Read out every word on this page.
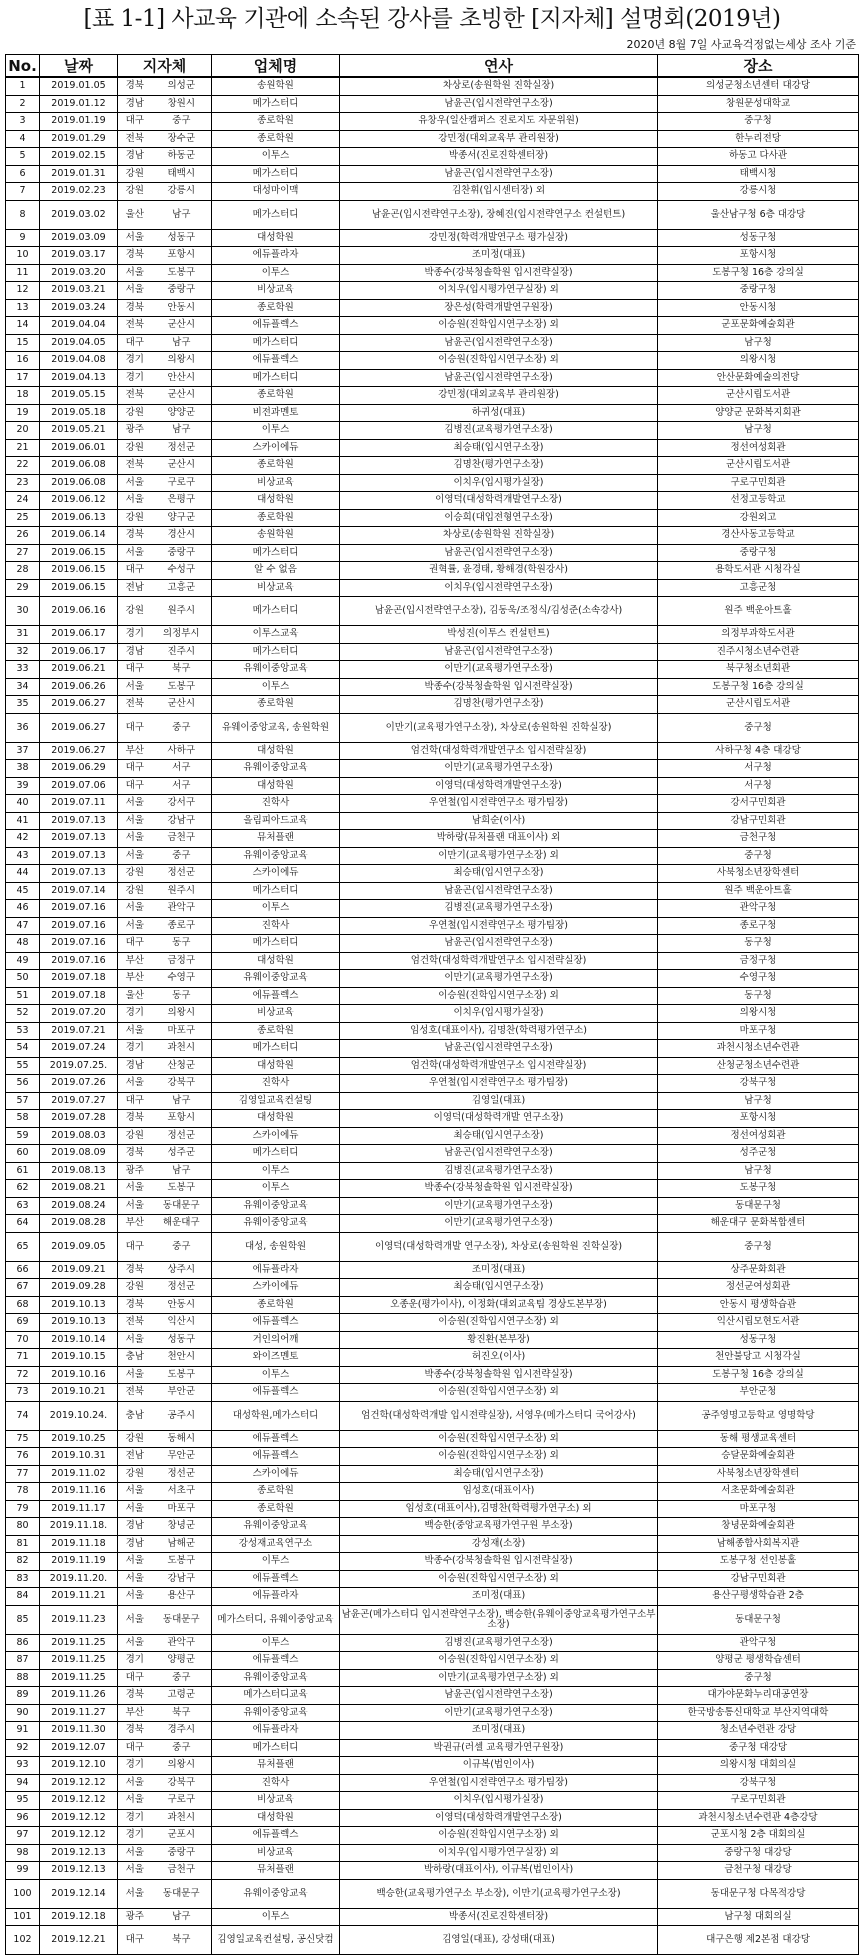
[표 1-1] 사교육 기관에 소속된 강사를 초빙한 [지자체] 설명회(2019년)
2020년 8월 7일 사교육걱정없는세상 조사 기준
No.	날짜	지자체		업체명	연사	장소
1	2019.01.05	경북	의성군	송원학원	차상로(송원학원 진학실장)	의성군청소년센터 대강당
2	2019.01.12	경남	창원시	메가스터디	남윤곤(입시전략연구소장)	창원문성대학교
3	2019.01.19	대구	중구	종로학원	유창우(일산캠퍼스 진로지도 자문위원)	중구청
4	2019.01.29	전북	장수군	종로학원	강민정(대외교육부 관리원장)	한누리전당
5	2019.02.15	경남	하동군	이투스	박종서(진로진학센터장)	하동고 다사관
6	2019.01.31	강원	태백시	메가스터디	남윤곤(입시전략연구소장)	태백시청
7	2019.02.23	강원	강릉시	대성마이맥	김찬휘(입시센터장) 외	강릉시청
8	2019.03.02	울산	남구	메가스터디	남윤곤(입시전략연구소장), 장혜진(입시전략연구소 컨설턴트)	울산남구청 6층 대강당
9	2019.03.09	서울	성동구	대성학원	강민정(학력개발연구소 평가실장)	성동구청
10	2019.03.17	경북	포항시	에듀플라자	조미정(대표)	포항시청
11	2019.03.20	서울	도봉구	이투스	박종수(강북청솔학원 입시전략실장)	도봉구청 16층 강의실
12	2019.03.21	서울	중랑구	비상교육	이치우(입시평가연구실장) 외	중랑구청
13	2019.03.24	경북	안동시	종로학원	장은성(학력개발연구원장)	안동시청
14	2019.04.04	전북	군산시	에듀플렉스	이승원(진학입시연구소장) 외	군포문화예술회관
15	2019.04.05	대구	남구	메가스터디	남윤곤(입시전략연구소장)	남구청
16	2019.04.08	경기	의왕시	에듀플렉스	이승원(진학입시연구소장) 외	의왕시청
17	2019.04.13	경기	안산시	메가스터디	남윤곤(입시전략연구소장)	안산문화예술의전당
18	2019.05.15	전북	군산시	종로학원	강민정(대외교육부 관리원장)	군산시립도서관
19	2019.05.18	강원	양양군	비전과멘토	하귀성(대표)	양양군 문화복지회관
20	2019.05.21	광주	남구	이투스	김병진(교육평가연구소장)	남구청
21	2019.06.01	강원	정선군	스카이에듀	최승태(입시연구소장)	정선여성회관
22	2019.06.08	전북	군산시	종로학원	김명찬(평가연구소장)	군산시립도서관
23	2019.06.08	서울	구로구	비상교육	이치우(입시평가실장)	구로구민회관
24	2019.06.12	서울	은평구	대성학원	이영덕(대성학력개발연구소장)	선정고등학교
25	2019.06.13	강원	양구군	종로학원	이승희(대입전형연구소장)	강원외고
26	2019.06.14	경북	경산시	송원학원	차상로(송원학원 진학실장)	경산사동고등학교
27	2019.06.15	서울	중랑구	메가스터디	남윤곤(입시전략연구소장)	중랑구청
28	2019.06.15	대구	수성구	알 수 없음	권혁률, 윤경태, 황해경(학원강사)	용학도서관 시청각실
29	2019.06.15	전남	고흥군	비상교육	이치우(입시전략연구소장)	고흥군청
30	2019.06.16	강원	원주시	메가스터디	남윤곤(입시전략연구소장), 김동욱/조정식/김성준(소속강사)	원주 백운아트홀
31	2019.06.17	경기	의정부시	이투스교육	박성진(이투스 컨설턴트)	의정부과학도서관
32	2019.06.17	경남	진주시	메가스터디	남윤곤(입시전략연구소장)	진주시청소년수련관
33	2019.06.21	대구	북구	유웨이중앙교육	이만기(교육평가연구소장)	북구청소년회관
34	2019.06.26	서울	도봉구	이투스	박종수(강북청솔학원 입시전략실장)	도봉구청 16층 강의실
35	2019.06.27	전북	군산시	종로학원	김명찬(평가연구소장)	군산시립도서관
36	2019.06.27	대구	중구	유웨이중앙교육, 송원학원	이만기(교육평가연구소장), 차상로(송원학원 진학실장)	중구청
37	2019.06.27	부산	사하구	대성학원	엄건학(대성학력개발연구소 입시전략실장)	사하구청 4층 대강당
38	2019.06.29	대구	서구	유웨이중앙교육	이만기(교육평가연구소장)	서구청
39	2019.07.06	대구	서구	대성학원	이영덕(대성학력개발연구소장)	서구청
40	2019.07.11	서울	강서구	진학사	우연철(입시전략연구소 평가팀장)	강서구민회관
41	2019.07.13	서울	강남구	올림피아드교육	남희순(이사)	강남구민회관
42	2019.07.13	서울	금천구	뮤처플랜	박하랑(뮤처플랜 대표이사) 외	금천구청
43	2019.07.13	서울	중구	유웨이중앙교육	이만기(교육평가연구소장) 외	중구청
44	2019.07.13	강원	정선군	스카이에듀	최승태(입시연구소장)	사북청소년장학센터
45	2019.07.14	강원	원주시	메가스터디	남윤곤(입시전략연구소장)	원주 백운아트홀
46	2019.07.16	서울	관악구	이투스	김병진(교육평가연구소장)	관악구청
47	2019.07.16	서울	종로구	진학사	우연철(입시전략연구소 평가팀장)	종로구청
48	2019.07.16	대구	동구	메가스터디	남윤곤(입시전략연구소장)	동구청
49	2019.07.16	부산	금정구	대성학원	엄건학(대성학력개발연구소 입시전략실장)	금정구청
50	2019.07.18	부산	수영구	유웨이중앙교육	이만기(교육평가연구소장)	수영구청
51	2019.07.18	울산	동구	에듀플렉스	이승원(진학입시연구소장) 외	동구청
52	2019.07.20	경기	의왕시	비상교육	이치우(입시평가실장)	의왕시청
53	2019.07.21	서울	마포구	종로학원	임성호(대표이사), 김명찬(학력평가연구소)	마포구청
54	2019.07.24	경기	과천시	메가스터디	남윤곤(입시전략연구소장)	과천시청소년수련관
55	2019.07.25.	경남	산청군	대성학원	엄건학(대성학력개발연구소 입시전략실장)	산청군청소년수련관
56	2019.07.26	서울	강북구	진학사	우연철(입시전략연구소 평가팀장)	강북구청
57	2019.07.27	대구	남구	김영일교육컨설팅	김영일(대표)	남구청
58	2019.07.28	경북	포항시	대성학원	이영덕(대성학력개발 연구소장)	포항시청
59	2019.08.03	강원	정선군	스카이에듀	최승태(입시연구소장)	정선여성회관
60	2019.08.09	경북	성주군	메가스터디	남윤곤(입시전략연구소장)	성주군청
61	2019.08.13	광주	남구	이투스	김병진(교육평가연구소장)	남구청
62	2019.08.21	서울	도봉구	이투스	박종수(강북청솔학원 입시전략실장)	도봉구청
63	2019.08.24	서울	동대문구	유웨이중앙교육	이만기(교육평가연구소장)	동대문구청
64	2019.08.28	부산	해운대구	유웨이중앙교육	이만기(교육평가연구소장)	해운대구 문화복합센터
65	2019.09.05	대구	중구	대성, 송원학원	이영덕(대성학력개발 연구소장), 차상로(송원학원 진학실장)	중구청
66	2019.09.21	경북	상주시	에듀플라자	조미정(대표)	상주문화회관
67	2019.09.28	강원	정선군	스카이에듀	최승태(입시연구소장)	정선군여성회관
68	2019.10.13	경북	안동시	종로학원	오종운(평가이사), 이정화(대외교육팀 경상도본부장)	안동시 평생학습관
69	2019.10.13	전북	익산시	에듀플렉스	이승원(진학입시연구소장) 외	익산시립모현도서관
70	2019.10.14	서울	성동구	거인의어깨	황진환(본부장)	성동구청
71	2019.10.15	충남	천안시	와이즈멘토	허진오(이사)	천안불당고 시청각실
72	2019.10.16	서울	도봉구	이투스	박종수(강북청솔학원 입시전략실장)	도봉구청 16층 강의실
73	2019.10.21	전북	부안군	에듀플렉스	이승원(진학입시연구소장) 외	부안군청
74	2019.10.24.	충남	공주시	대성학원,메가스터디	엄건학(대성학력개발 입시전략실장), 서영우(메가스터디 국어강사)	공주영명고등학교 영명학당
75	2019.10.25	강원	동해시	에듀플렉스	이승원(진학입시연구소장) 외	동해 평생교육센터
76	2019.10.31	전남	무안군	에듀플렉스	이승원(진학입시연구소장) 외	승달문화예술회관
77	2019.11.02	강원	정선군	스카이에듀	최승태(입시연구소장)	사북청소년장학센터
78	2019.11.16	서울	서초구	종로학원	임성호(대표이사)	서초문화예술회관
79	2019.11.17	서울	마포구	종로학원	임성호(대표이사),김명찬(학력평가연구소) 외	마포구청
80	2019.11.18.	경남	창녕군	유웨이중앙교육	백승한(중앙교육평가연구원 부소장)	창녕문화예술회관
81	2019.11.18	경남	남해군	강성재교육연구소	강성재(소장)	남해종합사회복지관
82	2019.11.19	서울	도봉구	이투스	박종수(강북청솔학원 입시전략실장)	도봉구청 선인봉홀
83	2019.11.20.	서울	강남구	에듀플렉스	이승원(진학입시연구소장) 외	강남구민회관
84	2019.11.21	서울	용산구	에듀플라자	조미정(대표)	용산구평생학습관 2층
85	2019.11.23	서울	동대문구	메가스터디, 유웨이중앙교육	남윤곤(메가스터디 입시전략연구소장), 백승한(유웨이중앙교육평가연구소부소장)	동대문구청
86	2019.11.25	서울	관악구	이투스	김병진(교육평가연구소장)	관악구청
87	2019.11.25	경기	양평군	에듀플렉스	이승원(진학입시연구소장) 외	양평군 평생학습센터
88	2019.11.25	대구	중구	유웨이중앙교육	이만기(교육평가연구소장) 외	중구청
89	2019.11.26	경북	고령군	메가스터디교육	남윤곤(입시전략연구소장)	대가야문화누리대공연장
90	2019.11.27	부산	북구	유웨이중앙교육	이만기(교육평가연구소장)	한국방송통신대학교 부산지역대학
91	2019.11.30	경북	경주시	에듀플라자	조미정(대표)	청소년수련관 강당
92	2019.12.07	대구	중구	메가스터디	박권규(러셀 교육평가연구원장)	중구청 대강당
93	2019.12.10	경기	의왕시	뮤처플랜	이규복(법인이사)	의왕시청 대회의실
94	2019.12.12	서울	강북구	진학사	우연철(입시전략연구소 평가팀장)	강북구청
95	2019.12.12	서울	구로구	비상교육	이치우(입시평가실장)	구로구민회관
96	2019.12.12	경기	과천시	대성학원	이영덕(대성학력개발연구소장)	과천시청소년수련관 4층강당
97	2019.12.12	경기	군포시	에듀플렉스	이승원(진학입시연구소장) 외	군포시청 2층 대회의실
98	2019.12.13	서울	중랑구	비상교육	이치우(입시평가연구실장) 외	중랑구청 대강당
99	2019.12.13	서울	금천구	뮤처플랜	박하랑(대표이사), 이규복(법인이사)	금천구청 대강당
100	2019.12.14	서울	동대문구	유웨이중앙교육	백승한(교육평가연구소 부소장), 이만기(교육평가연구소장)	동대문구청 다목적강당
101	2019.12.18	광주	남구	이투스	박종서(진로진학센터장)	남구청 대회의실
102	2019.12.21	대구	북구	김영일교육컨설팅, 공신닷컴	김영일(대표), 강성태(대표)	대구은행 제2본점 대강당
